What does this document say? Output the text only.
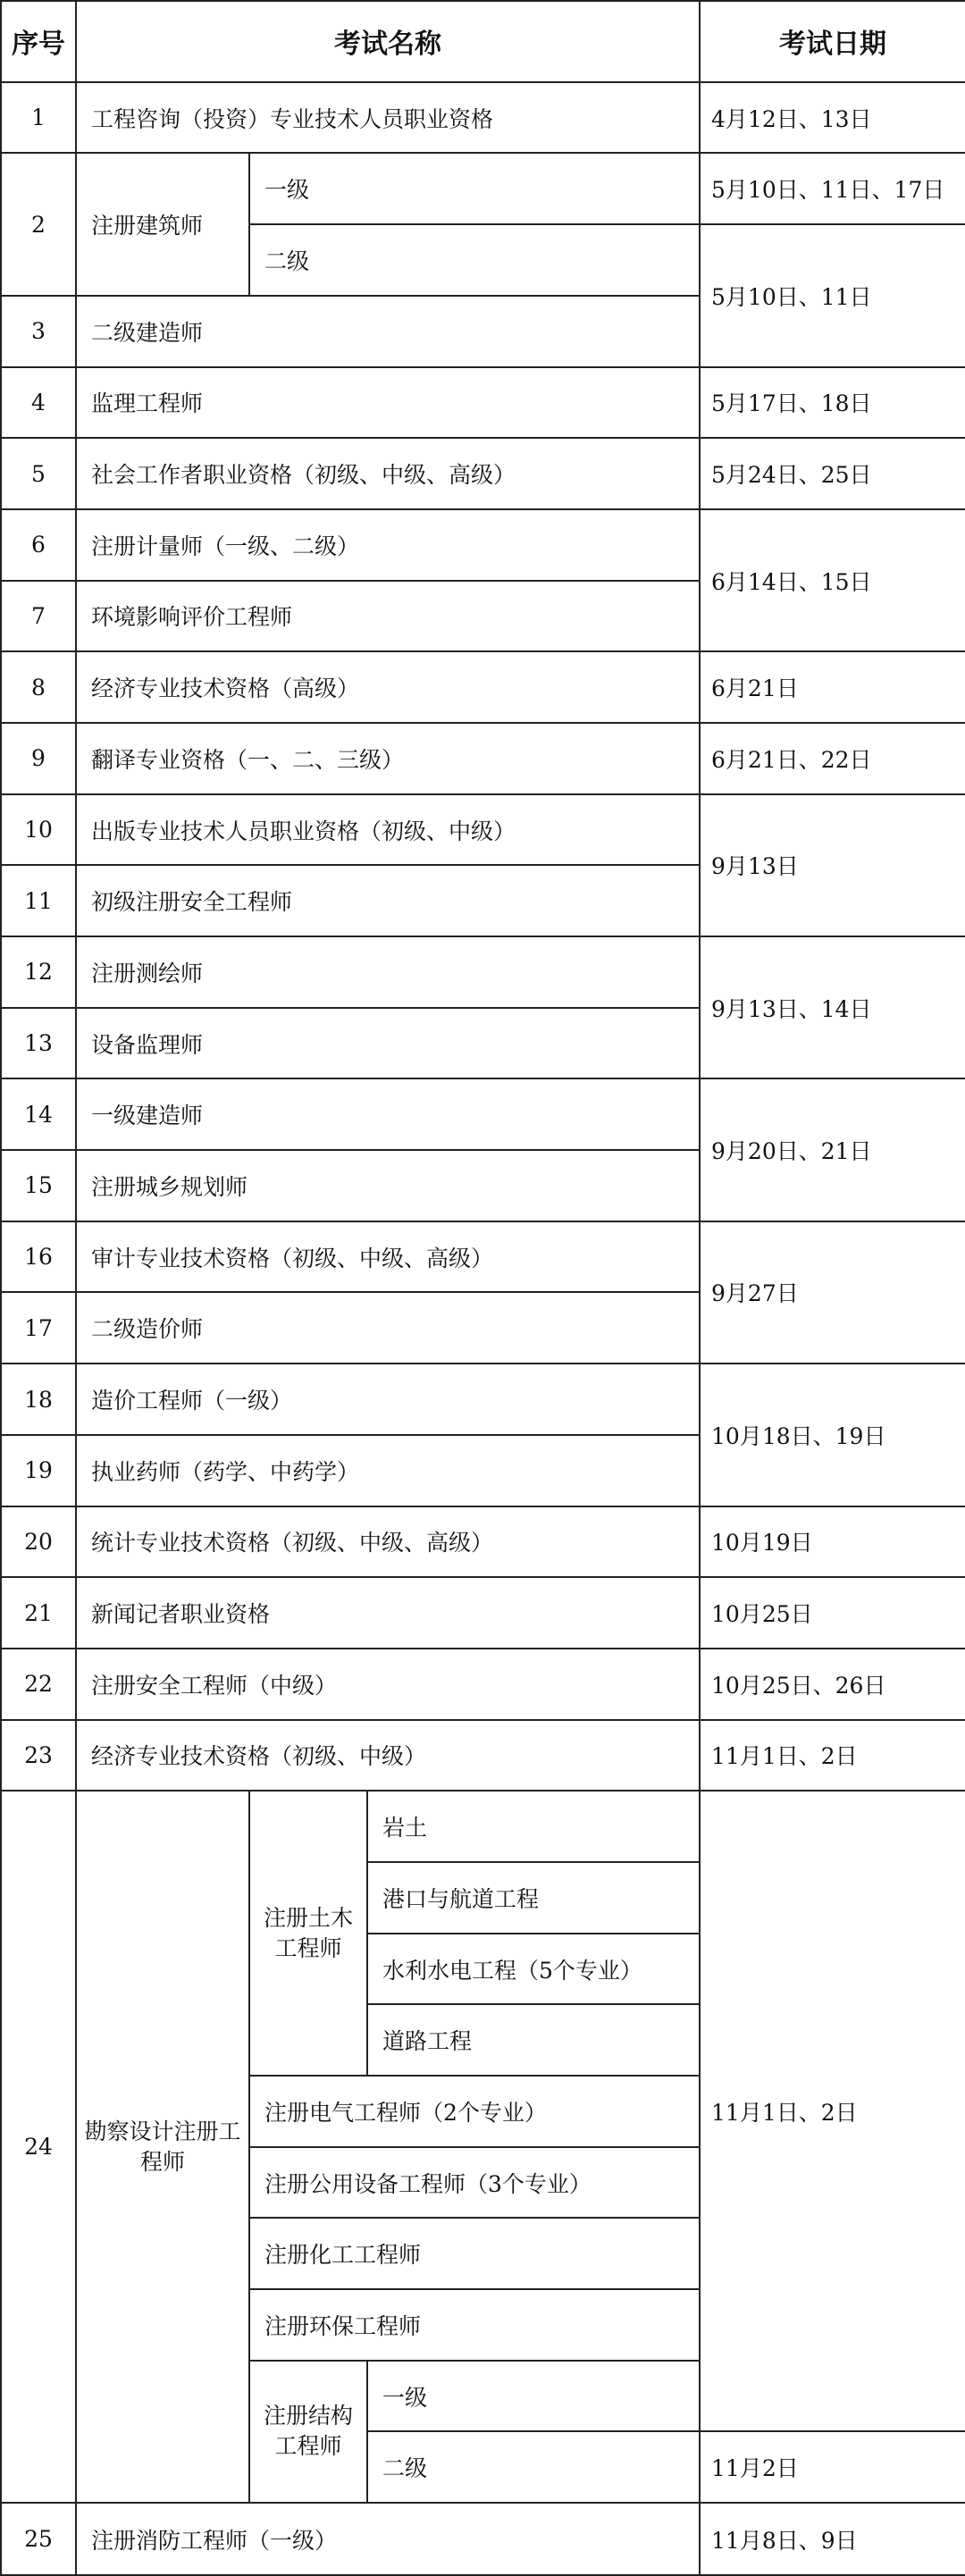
序号	考试名称			考试日期
1	工程咨询（投资）专业技术人员职业资格			4月12日、13日
2	注册建筑师	一级		5月10日、11日、17日
		二级		5月10日、11日
3	二级建造师			
4	监理工程师			5月17日、18日
5	社会工作者职业资格（初级、中级、高级）			5月24日、25日
6	注册计量师（一级、二级）			6月14日、15日
7	环境影响评价工程师			
8	经济专业技术资格（高级）			6月21日
9	翻译专业资格（一、二、三级）			6月21日、22日
10	出版专业技术人员职业资格（初级、中级）			9月13日
11	初级注册安全工程师			
12	注册测绘师			9月13日、14日
13	设备监理师			
14	一级建造师			9月20日、21日
15	注册城乡规划师			
16	审计专业技术资格（初级、中级、高级）			9月27日
17	二级造价师			
18	造价工程师（一级）			10月18日、19日
19	执业药师（药学、中药学）			
20	统计专业技术资格（初级、中级、高级）			10月19日
21	新闻记者职业资格			10月25日
22	注册安全工程师（中级）			10月25日、26日
23	经济专业技术资格（初级、中级）			11月1日、2日
24	勘察设计注册工程师	注册土木工程师	岩土	11月1日、2日
			港口与航道工程	
			水利水电工程（5个专业）	
			道路工程	
		注册电气工程师（2个专业）		
		注册公用设备工程师（3个专业）		
		注册化工工程师		
		注册环保工程师		
		注册结构工程师	一级	
			二级	11月2日
25	注册消防工程师（一级）			11月8日、9日
